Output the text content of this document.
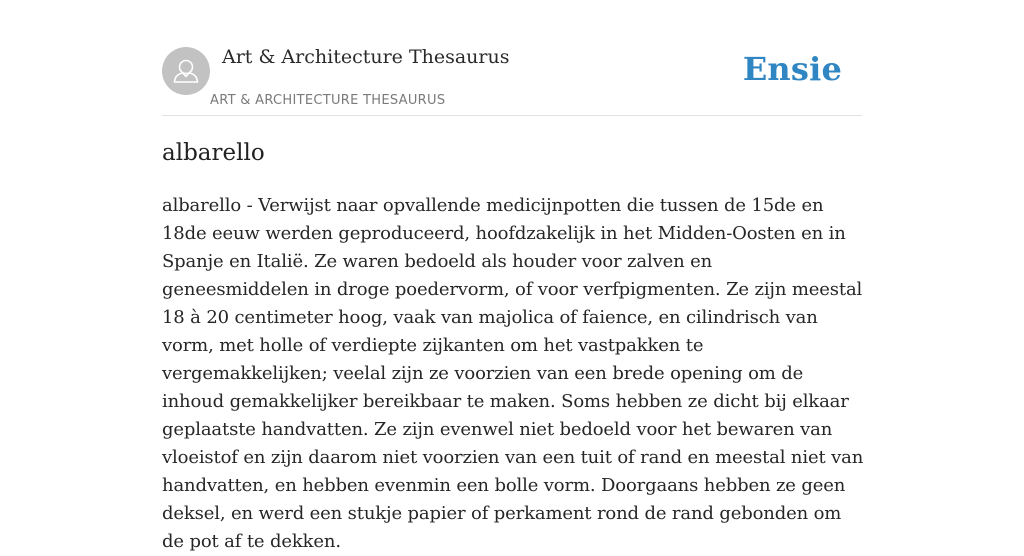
Art & Architecture Thesaurus
ART & ARCHITECTURE THESAURUS
Ensie
albarello

albarello - Verwijst naar opvallende medicijnpotten die tussen de 15de en 18de eeuw werden geproduceerd, hoofdzakelijk in het Midden-Oosten en in Spanje en Italië. Ze waren bedoeld als houder voor zalven en geneesmiddelen in droge poedervorm, of voor verfpigmenten. Ze zijn meestal 18 à 20 centimeter hoog, vaak van majolica of faience, en cilindrisch van vorm, met holle of verdiepte zijkanten om het vastpakken te vergemakkelijken; veelal zijn ze voorzien van een brede opening om de inhoud gemakkelijker bereikbaar te maken. Soms hebben ze dicht bij elkaar geplaatste handvatten. Ze zijn evenwel niet bedoeld voor het bewaren van vloeistof en zijn daarom niet voorzien van een tuit of rand en meestal niet van handvatten, en hebben evenmin een bolle vorm. Doorgaans hebben ze geen deksel, en werd een stukje papier of perkament rond de rand gebonden om de pot af te dekken.
